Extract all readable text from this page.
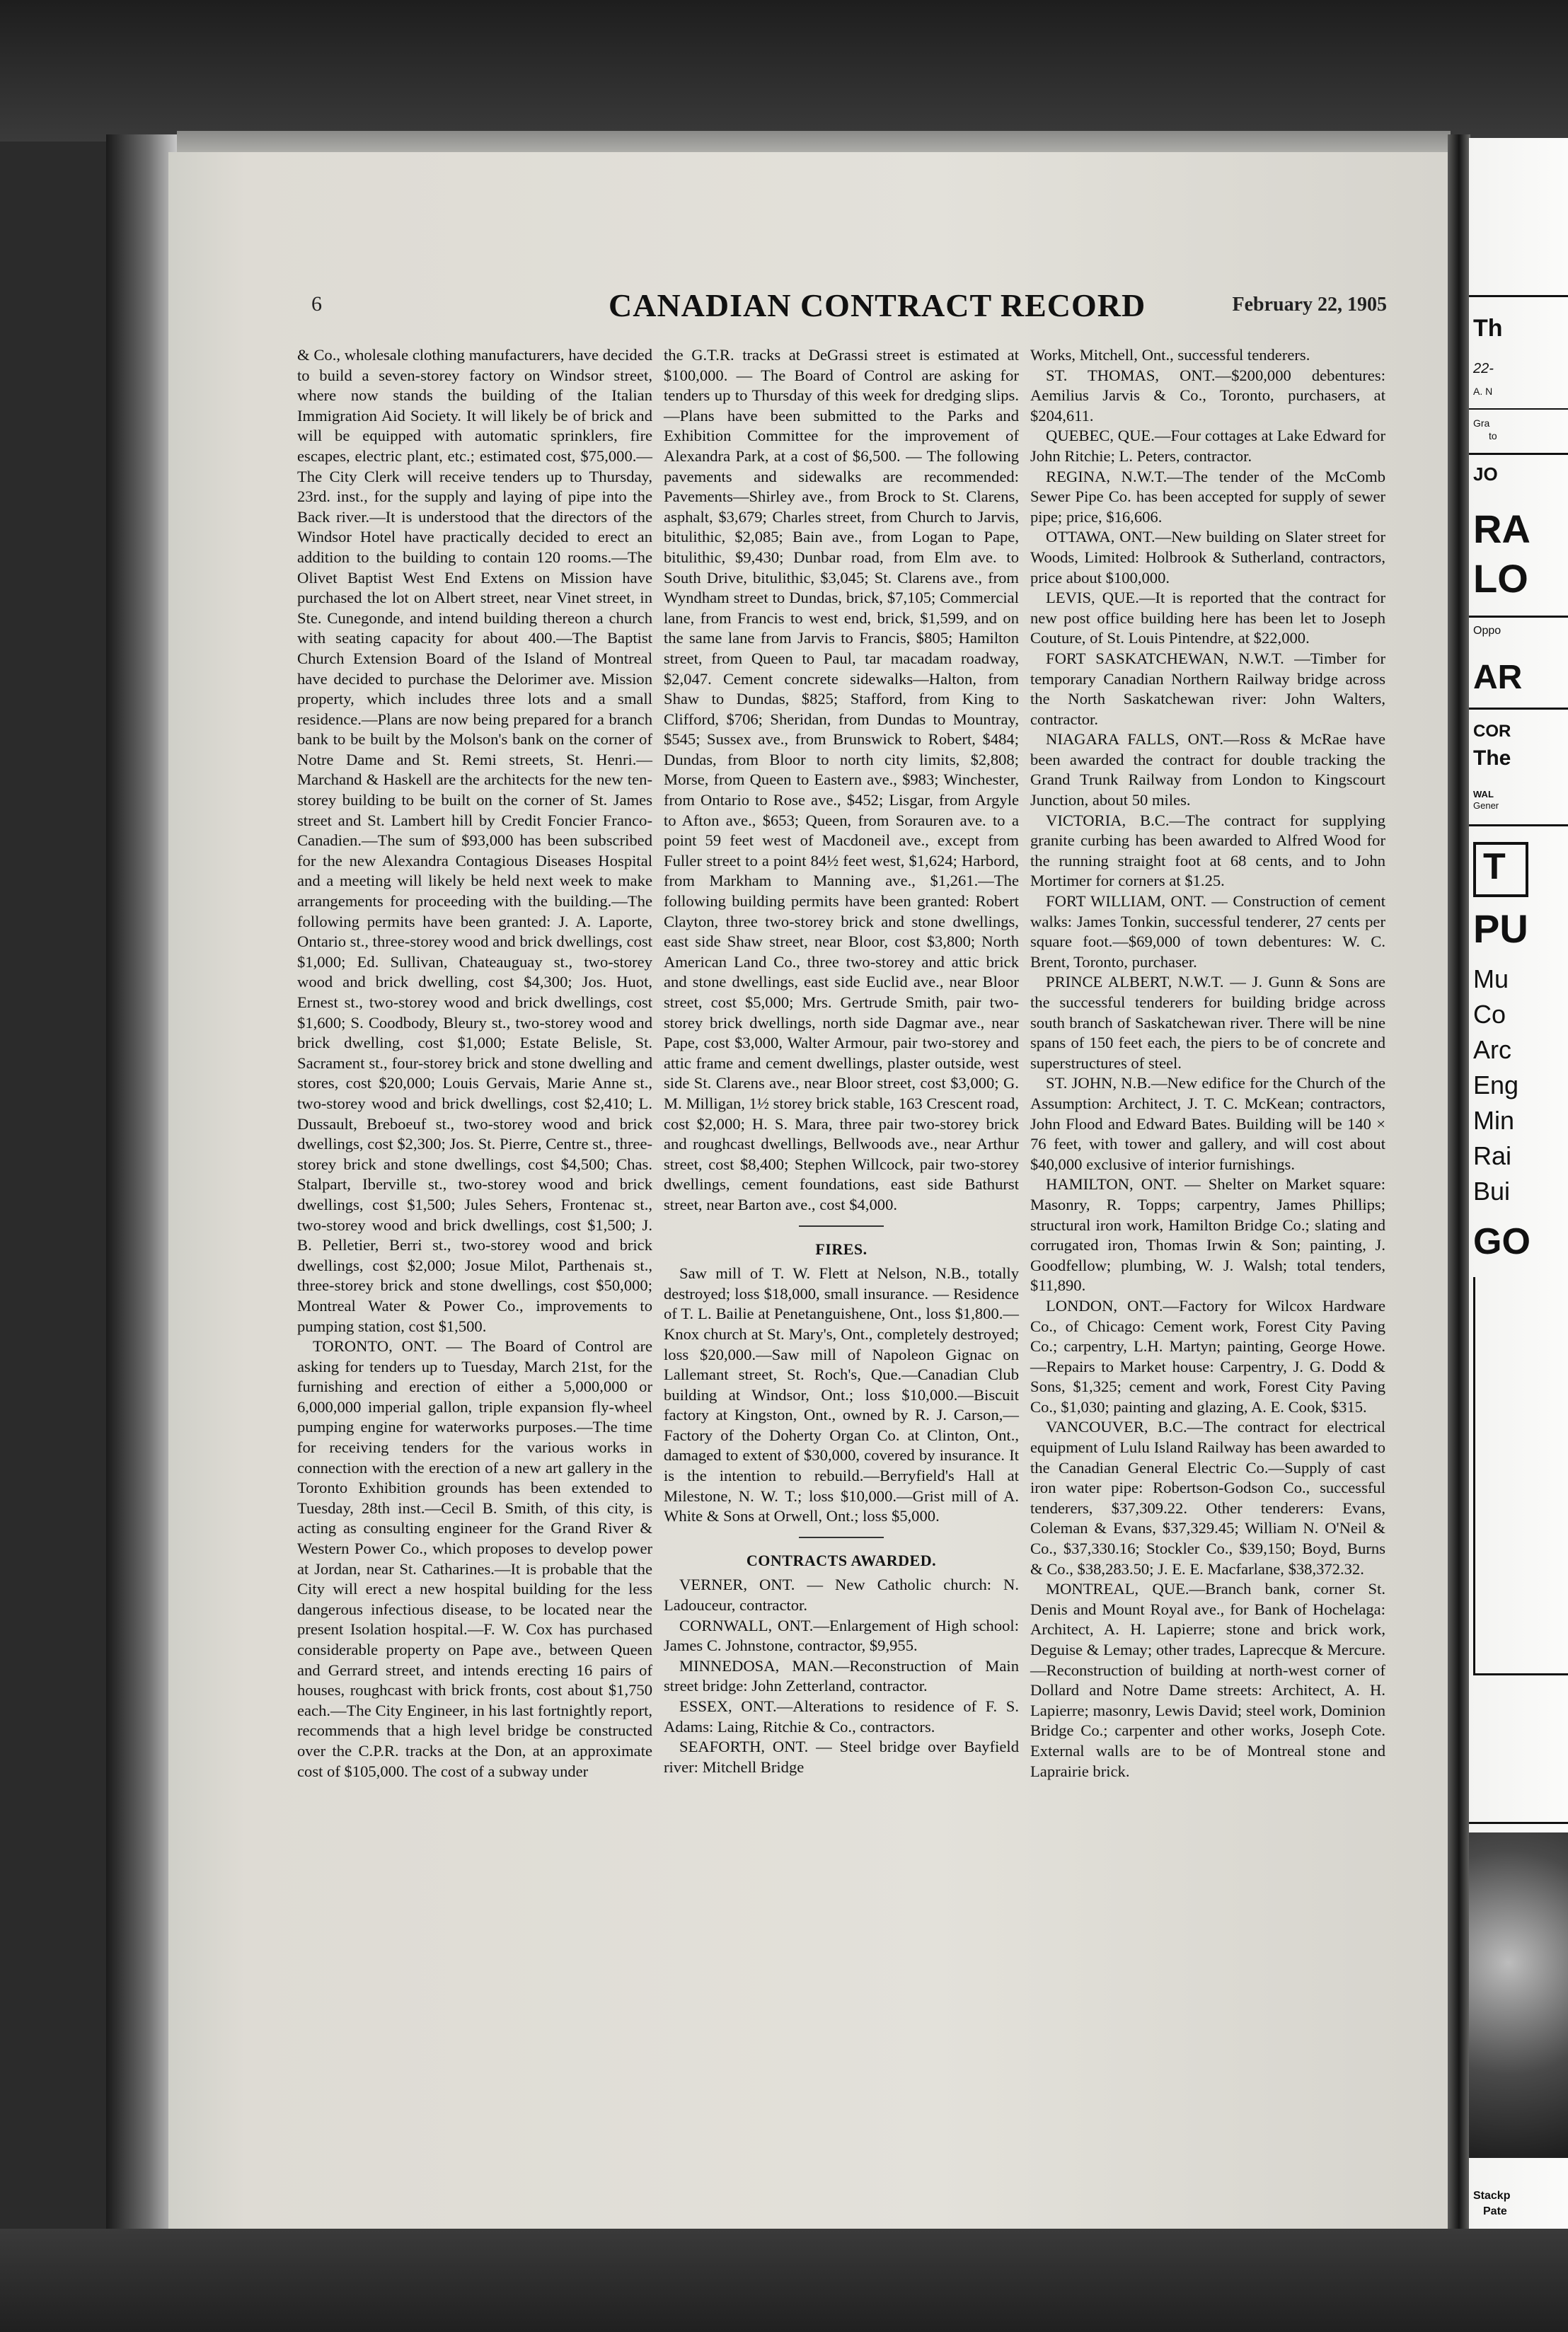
6	CANADIAN CONTRACT RECORD	February 22, 1905

& Co., wholesale clothing manufacturers, have decided to build a seven-storey factory on Windsor street, where now stands the building of the Italian Immigration Aid Society. It will likely be of brick and will be equipped with automatic sprinklers, fire escapes, electric plant, etc.; estimated cost, $75,000.—The City Clerk will receive tenders up to Thursday, 23rd. inst., for the supply and laying of pipe into the Back river.—It is understood that the directors of the Windsor Hotel have practically decided to erect an addition to the building to contain 120 rooms.—The Olivet Baptist West End Extens on Mission have purchased the lot on Albert street, near Vinet street, in Ste. Cunegonde, and intend building thereon a church with seating capacity for about 400.—The Baptist Church Extension Board of the Island of Montreal have decided to purchase the Delorimer ave. Mission property, which includes three lots and a small residence.—Plans are now being prepared for a branch bank to be built by the Molson's bank on the corner of Notre Dame and St. Remi streets, St. Henri.—Marchand & Haskell are the architects for the new ten-storey building to be built on the corner of St. James street and St. Lambert hill by Credit Foncier Franco-Canadien.—The sum of $93,000 has been subscribed for the new Alexandra Contagious Diseases Hospital and a meeting will likely be held next week to make arrangements for proceeding with the building.—The following permits have been granted: J. A. Laporte, Ontario st., three-storey wood and brick dwellings, cost $1,000; Ed. Sullivan, Chateauguay st., two-storey wood and brick dwelling, cost $4,300; Jos. Huot, Ernest st., two-storey wood and brick dwellings, cost $1,600; S. Coodbody, Bleury st., two-storey wood and brick dwelling, cost $1,000; Estate Belisle, St. Sacrament st., four-storey brick and stone dwelling and stores, cost $20,000; Louis Gervais, Marie Anne st., two-storey wood and brick dwellings, cost $2,410; L. Dussault, Breboeuf st., two-storey wood and brick dwellings, cost $2,300; Jos. St. Pierre, Centre st., three-storey brick and stone dwellings, cost $4,500; Chas. Stalpart, Iberville st., two-storey wood and brick dwellings, cost $1,500; Jules Sehers, Frontenac st., two-storey wood and brick dwellings, cost $1,500; J. B. Pelletier, Berri st., two-storey wood and brick dwellings, cost $2,000; Josue Milot, Parthenais st., three-storey brick and stone dwellings, cost $50,000; Montreal Water & Power Co., improvements to pumping station, cost $1,500.

TORONTO, ONT. — The Board of Control are asking for tenders up to Tuesday, March 21st, for the furnishing and erection of either a 5,000,000 or 6,000,000 imperial gallon, triple expansion fly-wheel pumping engine for waterworks purposes.—The time for receiving tenders for the various works in connection with the erection of a new art gallery in the Toronto Exhibition grounds has been extended to Tuesday, 28th inst.—Cecil B. Smith, of this city, is acting as consulting engineer for the Grand River & Western Power Co., which proposes to develop power at Jordan, near St. Catharines.—It is probable that the City will erect a new hospital building for the less dangerous infectious disease, to be located near the present Isolation hospital.—F. W. Cox has purchased considerable property on Pape ave., between Queen and Gerrard street, and intends erecting 16 pairs of houses, roughcast with brick fronts, cost about $1,750 each.—The City Engineer, in his last fortnightly report, recommends that a high level bridge be constructed over the C.P.R. tracks at the Don, at an approximate cost of $105,000. The cost of a subway under

the G.T.R. tracks at DeGrassi street is estimated at $100,000. — The Board of Control are asking for tenders up to Thursday of this week for dredging slips.—Plans have been submitted to the Parks and Exhibition Committee for the improvement of Alexandra Park, at a cost of $6,500. — The following pavements and sidewalks are recommended: Pavements—Shirley ave., from Brock to St. Clarens, asphalt, $3,679; Charles street, from Church to Jarvis, bitulithic, $2,085; Bain ave., from Logan to Pape, bitulithic, $9,430; Dunbar road, from Elm ave. to South Drive, bitulithic, $3,045; St. Clarens ave., from Wyndham street to Dundas, brick, $7,105; Commercial lane, from Francis to west end, brick, $1,599, and on the same lane from Jarvis to Francis, $805; Hamilton street, from Queen to Paul, tar macadam roadway, $2,047. Cement concrete sidewalks—Halton, from Shaw to Dundas, $825; Stafford, from King to Clifford, $706; Sheridan, from Dundas to Mountray, $545; Sussex ave., from Brunswick to Robert, $484; Dundas, from Bloor to north city limits, $2,808; Morse, from Queen to Eastern ave., $983; Winchester, from Ontario to Rose ave., $452; Lisgar, from Argyle to Afton ave., $653; Queen, from Sorauren ave. to a point 59 feet west of Macdoneil ave., except from Fuller street to a point 84½ feet west, $1,624; Harbord, from Markham to Manning ave., $1,261.—The following building permits have been granted: Robert Clayton, three two-storey brick and stone dwellings, east side Shaw street, near Bloor, cost $3,800; North American Land Co., three two-storey and attic brick and stone dwellings, east side Euclid ave., near Bloor street, cost $5,000; Mrs. Gertrude Smith, pair two-storey brick dwellings, north side Dagmar ave., near Pape, cost $3,000, Walter Armour, pair two-storey and attic frame and cement dwellings, plaster outside, west side St. Clarens ave., near Bloor street, cost $3,000; G. M. Milligan, 1½ storey brick stable, 163 Crescent road, cost $2,000; H. S. Mara, three pair two-storey brick and roughcast dwellings, Bellwoods ave., near Arthur street, cost $8,400; Stephen Willcock, pair two-storey dwellings, cement foundations, east side Bathurst street, near Barton ave., cost $4,000.

FIRES.

Saw mill of T. W. Flett at Nelson, N.B., totally destroyed; loss $18,000, small insurance. — Residence of T. L. Bailie at Penetanguishene, Ont., loss $1,800.—Knox church at St. Mary's, Ont., completely destroyed; loss $20,000.—Saw mill of Napoleon Gignac on Lallemant street, St. Roch's, Que.—Canadian Club building at Windsor, Ont.; loss $10,000.—Biscuit factory at Kingston, Ont., owned by R. J. Carson,—Factory of the Doherty Organ Co. at Clinton, Ont., damaged to extent of $30,000, covered by insurance. It is the intention to rebuild.—Berryfield's Hall at Milestone, N. W. T.; loss $10,000.—Grist mill of A. White & Sons at Orwell, Ont.; loss $5,000.

CONTRACTS AWARDED.

VERNER, ONT. — New Catholic church: N. Ladouceur, contractor.

CORNWALL, ONT.—Enlargement of High school: James C. Johnstone, contractor, $9,955.

MINNEDOSA, MAN.—Reconstruction of Main street bridge: John Zetterland, contractor.

ESSEX, ONT.—Alterations to residence of F. S. Adams: Laing, Ritchie & Co., contractors.

SEAFORTH, ONT. — Steel bridge over Bayfield river: Mitchell Bridge

Works, Mitchell, Ont., successful tenderers.

ST. THOMAS, ONT.—$200,000 debentures: Aemilius Jarvis & Co., Toronto, purchasers, at $204,611.

QUEBEC, QUE.—Four cottages at Lake Edward for John Ritchie; L. Peters, contractor.

REGINA, N.W.T.—The tender of the McComb Sewer Pipe Co. has been accepted for supply of sewer pipe; price, $16,606.

OTTAWA, ONT.—New building on Slater street for Woods, Limited: Holbrook & Sutherland, contractors, price about $100,000.

LEVIS, QUE.—It is reported that the contract for new post office building here has been let to Joseph Couture, of St. Louis Pintendre, at $22,000.

FORT SASKATCHEWAN, N.W.T. —Timber for temporary Canadian Northern Railway bridge across the North Saskatchewan river: John Walters, contractor.

NIAGARA FALLS, ONT.—Ross & McRae have been awarded the contract for double tracking the Grand Trunk Railway from London to Kingscourt Junction, about 50 miles.

VICTORIA, B.C.—The contract for supplying granite curbing has been awarded to Alfred Wood for the running straight foot at 68 cents, and to John Mortimer for corners at $1.25.

FORT WILLIAM, ONT. — Construction of cement walks: James Tonkin, successful tenderer, 27 cents per square foot.—$69,000 of town debentures: W. C. Brent, Toronto, purchaser.

PRINCE ALBERT, N.W.T. — J. Gunn & Sons are the successful tenderers for building bridge across south branch of Saskatchewan river. There will be nine spans of 150 feet each, the piers to be of concrete and superstructures of steel.

ST. JOHN, N.B.—New edifice for the Church of the Assumption: Architect, J. T. C. McKean; contractors, John Flood and Edward Bates. Building will be 140 × 76 feet, with tower and gallery, and will cost about $40,000 exclusive of interior furnishings.

HAMILTON, ONT. — Shelter on Market square: Masonry, R. Topps; carpentry, James Phillips; structural iron work, Hamilton Bridge Co.; slating and corrugated iron, Thomas Irwin & Son; painting, J. Goodfellow; plumbing, W. J. Walsh; total tenders, $11,890.

LONDON, ONT.—Factory for Wilcox Hardware Co., of Chicago: Cement work, Forest City Paving Co.; carpentry, L.H. Martyn; painting, George Howe.—Repairs to Market house: Carpentry, J. G. Dodd & Sons, $1,325; cement and work, Forest City Paving Co., $1,030; painting and glazing, A. E. Cook, $315.

VANCOUVER, B.C.—The contract for electrical equipment of Lulu Island Railway has been awarded to the Canadian General Electric Co.—Supply of cast iron water pipe: Robertson-Godson Co., successful tenderers, $37,309.22. Other tenderers: Evans, Coleman & Evans, $37,329.45; William N. O'Neil & Co., $37,330.16; Stockler Co., $39,150; Boyd, Burns & Co., $38,283.50; J. E. E. Macfarlane, $38,372.32.

MONTREAL, QUE.—Branch bank, corner St. Denis and Mount Royal ave., for Bank of Hochelaga: Architect, A. H. Lapierre; stone and brick work, Deguise & Lemay; other trades, Laprecque & Mercure.—Reconstruction of building at north-west corner of Dollard and Notre Dame streets: Architect, A. H. Lapierre; masonry, Lewis David; steel work, Dominion Bridge Co.; carpenter and other works, Joseph Cote. External walls are to be of Montreal stone and Laprairie brick.

Th
22-
A. N
Gra
to
JO
RA
LO
Oppo
AR
COR
The
WAL
Gener
T
PU
Mu
Co
Arc
Eng
Min
Rai
Bui
GO
Stackp
Pate
